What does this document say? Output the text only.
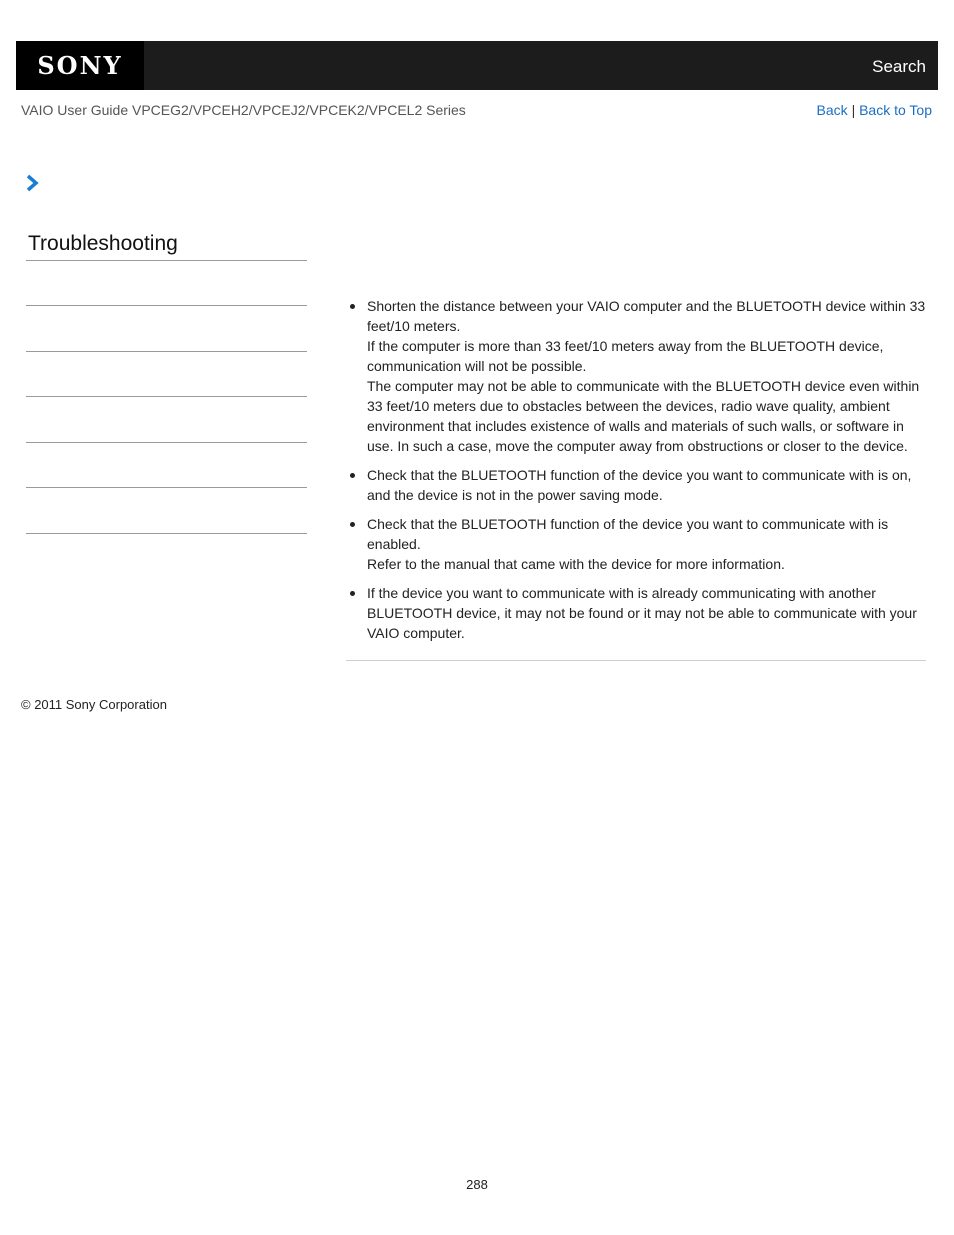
SONY	Search
VAIO User Guide VPCEG2/VPCEH2/VPCEJ2/VPCEK2/VPCEL2 Series	Back | Back to Top
Troubleshooting
Shorten the distance between your VAIO computer and the BLUETOOTH device within 33 feet/10 meters.
If the computer is more than 33 feet/10 meters away from the BLUETOOTH device, communication will not be possible.
The computer may not be able to communicate with the BLUETOOTH device even within 33 feet/10 meters due to obstacles between the devices, radio wave quality, ambient environment that includes existence of walls and materials of such walls, or software in use. In such a case, move the computer away from obstructions or closer to the device.
Check that the BLUETOOTH function of the device you want to communicate with is on, and the device is not in the power saving mode.
Check that the BLUETOOTH function of the device you want to communicate with is enabled.
Refer to the manual that came with the device for more information.
If the device you want to communicate with is already communicating with another BLUETOOTH device, it may not be found or it may not be able to communicate with your VAIO computer.
© 2011 Sony Corporation
288
